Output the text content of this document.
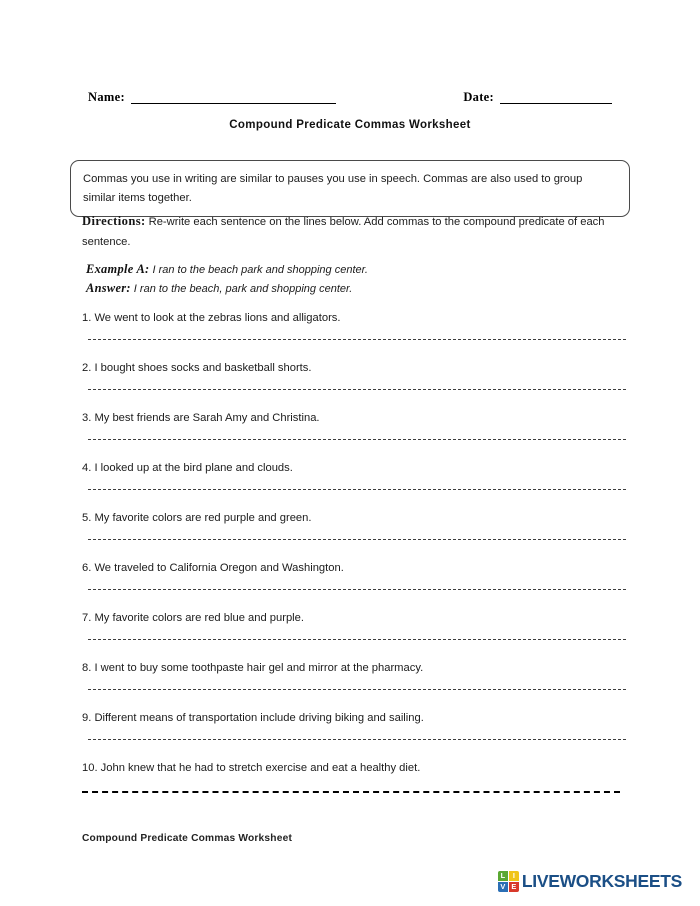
Name:	Date:
Compound Predicate Commas Worksheet
Commas you use in writing are similar to pauses you use in speech. Commas are also used to group similar items together.
Directions: Re-write each sentence on the lines below. Add commas to the compound predicate of each sentence.
Example A: I ran to the beach park and shopping center.
Answer: I ran to the beach, park and shopping center.
1. We went to look at the zebras lions and alligators.
2. I bought shoes socks and basketball shorts.
3. My best friends are Sarah Amy and Christina.
4. I looked up at the bird plane and clouds.
5. My favorite colors are red purple and green.
6. We traveled to California Oregon and Washington.
7. My favorite colors are red blue and purple.
8. I went to buy some toothpaste hair gel and mirror at the pharmacy.
9. Different means of transportation include driving biking and sailing.
10. John knew that he had to stretch exercise and eat a healthy diet.
Compound Predicate Commas Worksheet
L	I
V E LIVEWORKSHEETS
